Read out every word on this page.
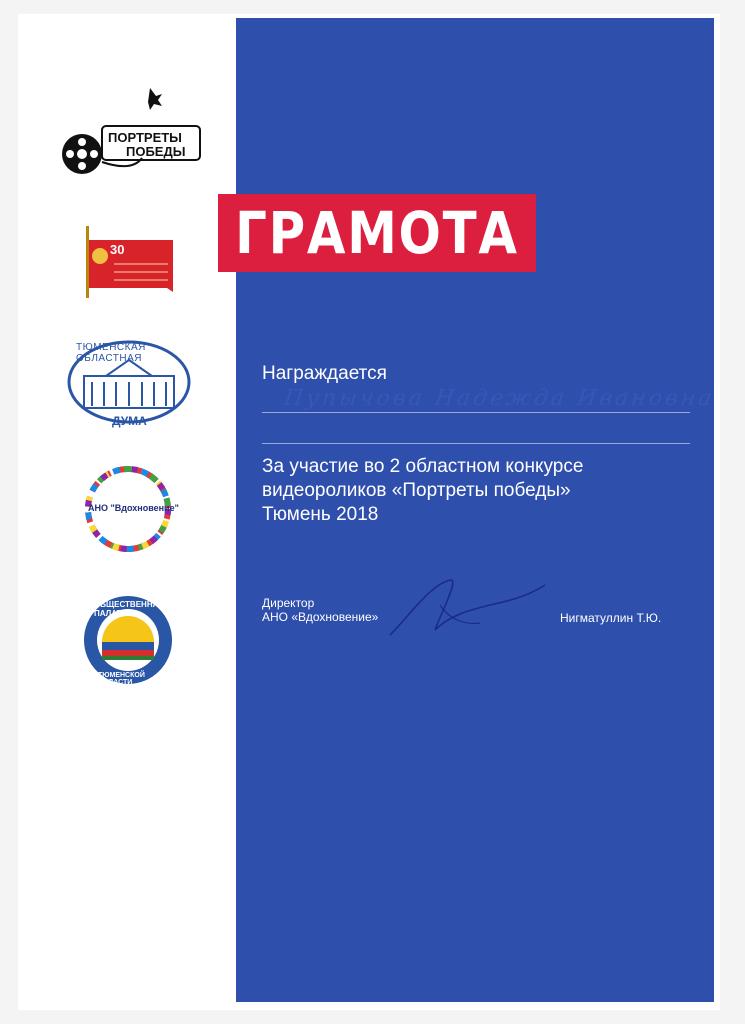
ПОРТРЕТЫ
ПОБЕДЫ
30
ТЮМЕНСКАЯ ОБЛАСТНАЯ
ДУМА
АНО "Вдохновение"
ОБЩЕСТВЕННАЯ ПАЛАТА
ТЮМЕНСКОЙ ОБЛАСТИ
ГРАМОТА
Награждается
Пупычова Надежда Ивановна
За участие во 2 областном конкурсе
видеороликов «Портреты победы»
Тюмень 2018
Директор
АНО «Вдохновение»	Нигматуллин Т.Ю.
